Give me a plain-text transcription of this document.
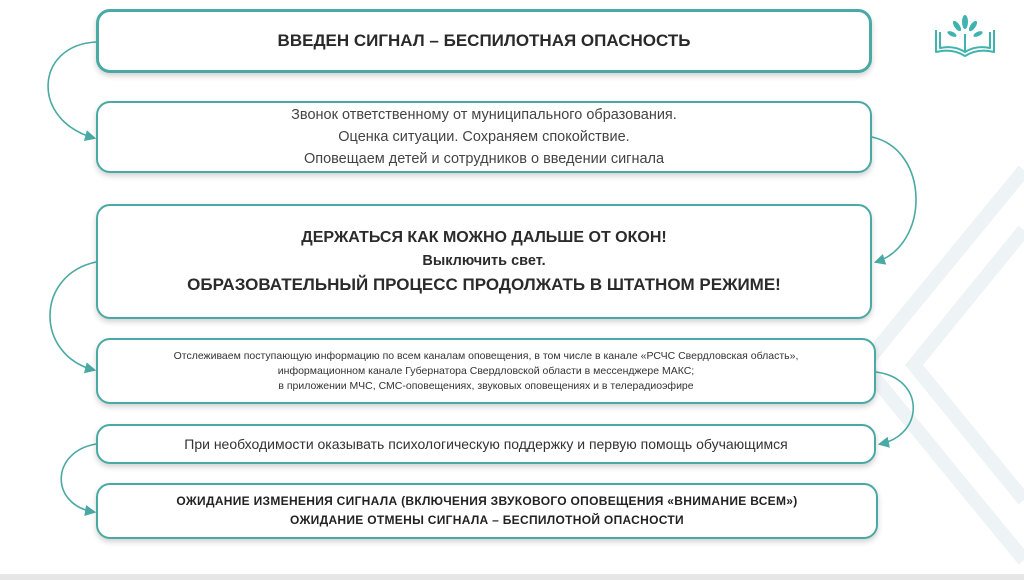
ВВЕДЕН СИГНАЛ – БЕСПИЛОТНАЯ ОПАСНОСТЬ
Звонок ответственному от муниципального образования.
Оценка ситуации. Сохраняем спокойствие.
Оповещаем детей и сотрудников о введении сигнала
ДЕРЖАТЬСЯ КАК МОЖНО ДАЛЬШЕ ОТ ОКОН!
Выключить свет.
ОБРАЗОВАТЕЛЬНЫЙ ПРОЦЕСС ПРОДОЛЖАТЬ В ШТАТНОМ РЕЖИМЕ!
Отслеживаем поступающую информацию по всем каналам оповещения, в том числе в канале «РСЧС Свердловская область»,
информационном канале Губернатора Свердловской области в мессенджере МАКС;
в приложении МЧС, СМС-оповещениях, звуковых оповещениях и в телерадиоэфире
При необходимости оказывать психологическую поддержку и первую помощь обучающимся
ОЖИДАНИЕ ИЗМЕНЕНИЯ СИГНАЛА (ВКЛЮЧЕНИЯ ЗВУКОВОГО ОПОВЕЩЕНИЯ «ВНИМАНИЕ ВСЕМ»)
ОЖИДАНИЕ ОТМЕНЫ СИГНАЛА – БЕСПИЛОТНОЙ ОПАСНОСТИ
